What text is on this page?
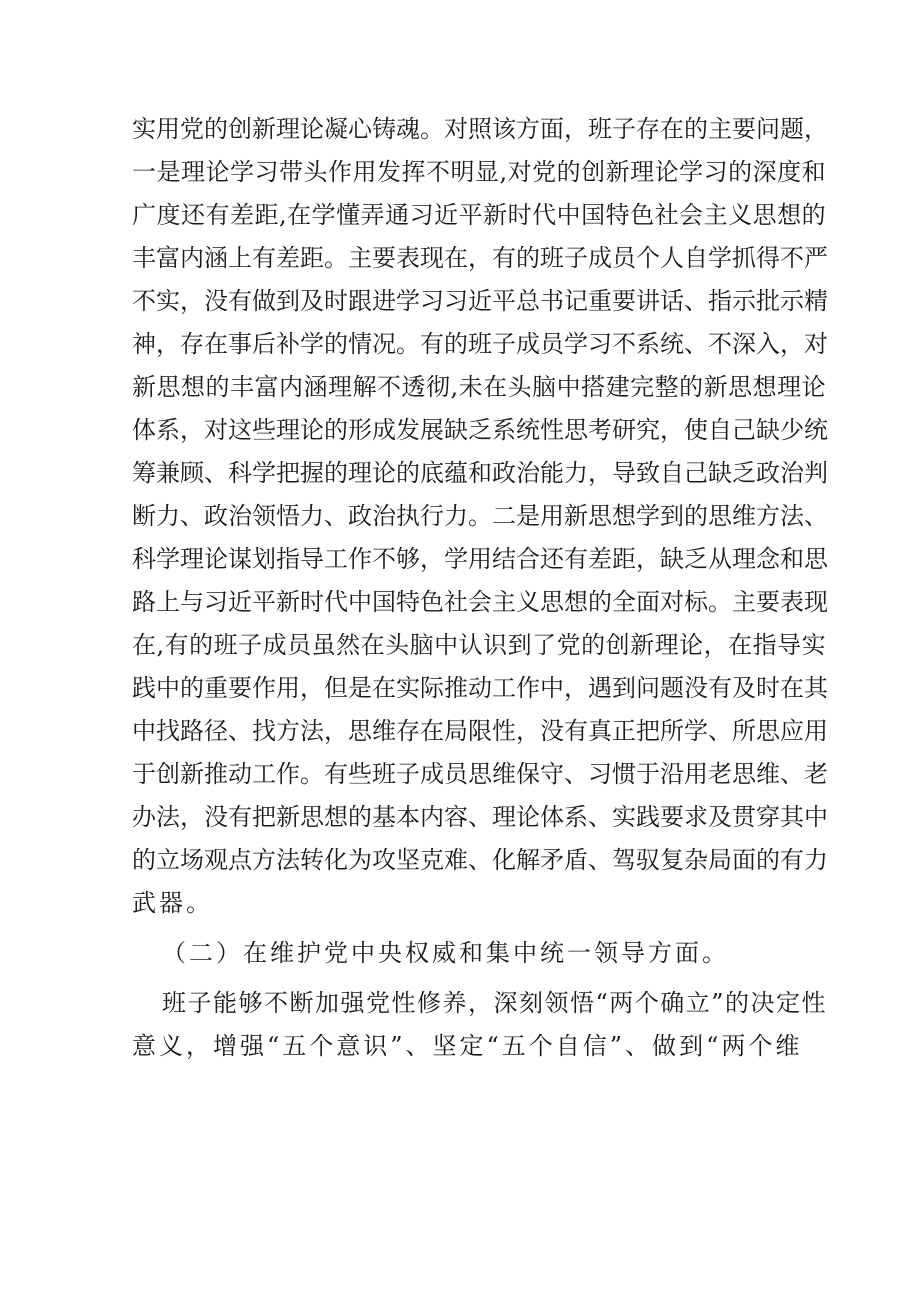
实用党的创新理论凝心铸魂。对照该方面，班子存在的主要问题，
一是理论学习带头作用发挥不明显,对党的创新理论学习的深度和
广度还有差距,在学懂弄通习近平新时代中国特色社会主义思想的
丰富内涵上有差距。主要表现在，有的班子成员个人自学抓得不严
不实，没有做到及时跟进学习习近平总书记重要讲话、指示批示精
神，存在事后补学的情况。有的班子成员学习不系统、不深入，对
新思想的丰富内涵理解不透彻,未在头脑中搭建完整的新思想理论
体系，对这些理论的形成发展缺乏系统性思考研究，使自己缺少统
筹兼顾、科学把握的理论的底蕴和政治能力，导致自己缺乏政治判
断力、政治领悟力、政治执行力。二是用新思想学到的思维方法、
科学理论谋划指导工作不够，学用结合还有差距，缺乏从理念和思
路上与习近平新时代中国特色社会主义思想的全面对标。主要表现
在,有的班子成员虽然在头脑中认识到了党的创新理论，在指导实
践中的重要作用，但是在实际推动工作中，遇到问题没有及时在其
中找路径、找方法，思维存在局限性，没有真正把所学、所思应用
于创新推动工作。有些班子成员思维保守、习惯于沿用老思维、老
办法，没有把新思想的基本内容、理论体系、实践要求及贯穿其中
的立场观点方法转化为攻坚克难、化解矛盾、驾驭复杂局面的有力
武器。
（二）在维护党中央权威和集中统一领导方面。
班子能够不断加强党性修养，深刻领悟“两个确立”的决定性
意义，增强“五个意识”、坚定“五个自信”、做到“两个维
